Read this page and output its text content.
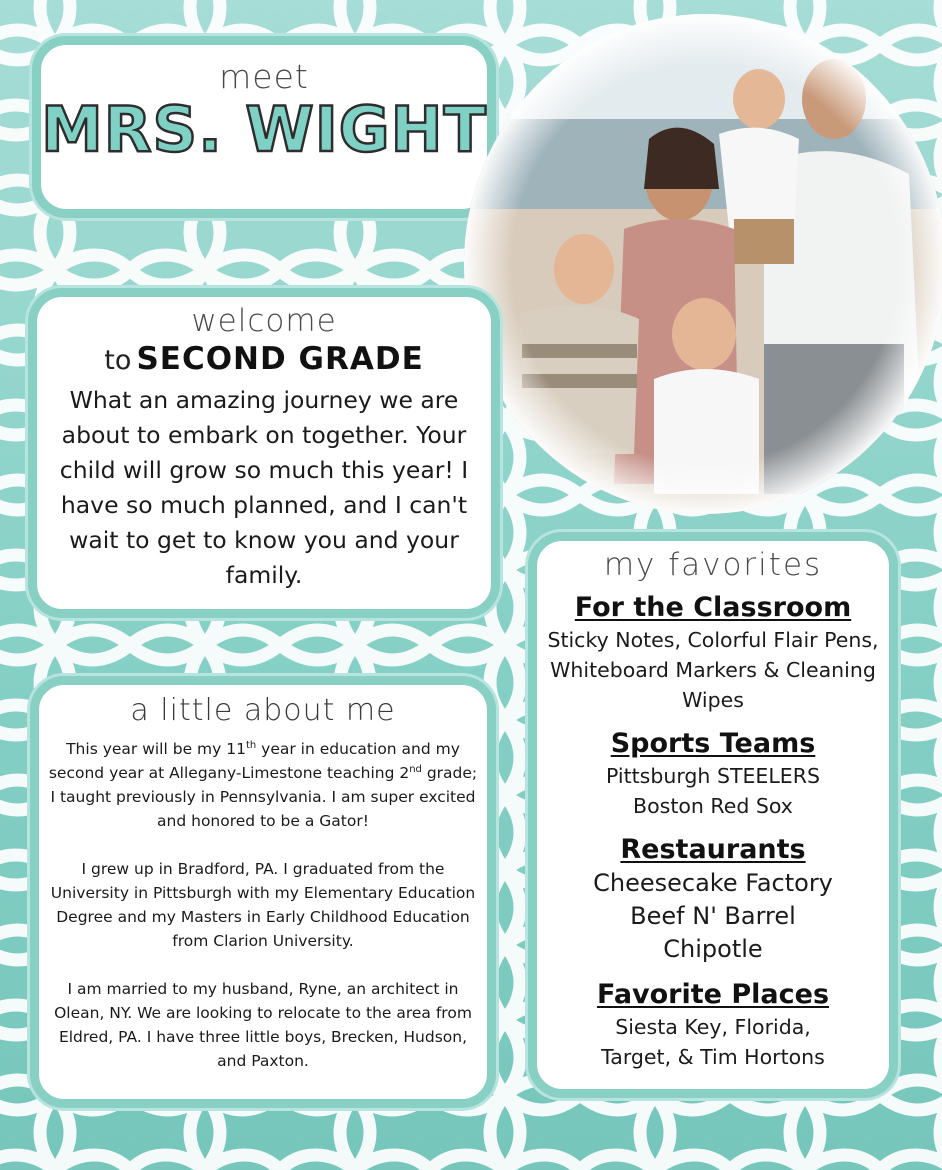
meet
MRS. WIGHT
welcome
to SECOND GRADE
What an amazing journey we are about to embark on together. Your child will grow so much this year! I have so much planned, and I can't wait to get to know you and your family.
a little about me

This year will be my 11th year in education and my second year at Allegany-Limestone teaching 2nd grade; I taught previously in Pennsylvania. I am super excited and honored to be a Gator!

I grew up in Bradford, PA. I graduated from the University in Pittsburgh with my Elementary Education Degree and my Masters in Early Childhood Education from Clarion University.

I am married to my husband, Ryne, an architect in Olean, NY. We are looking to relocate to the area from Eldred, PA. I have three little boys, Brecken, Hudson, and Paxton.

my favorites
For the Classroom
Sticky Notes, Colorful Flair Pens, Whiteboard Markers & Cleaning Wipes
Sports Teams
Pittsburgh STEELERS
Boston Red Sox
Restaurants
Cheesecake Factory
Beef N' Barrel
Chipotle
Favorite Places
Siesta Key, Florida,
Target, & Tim Hortons
